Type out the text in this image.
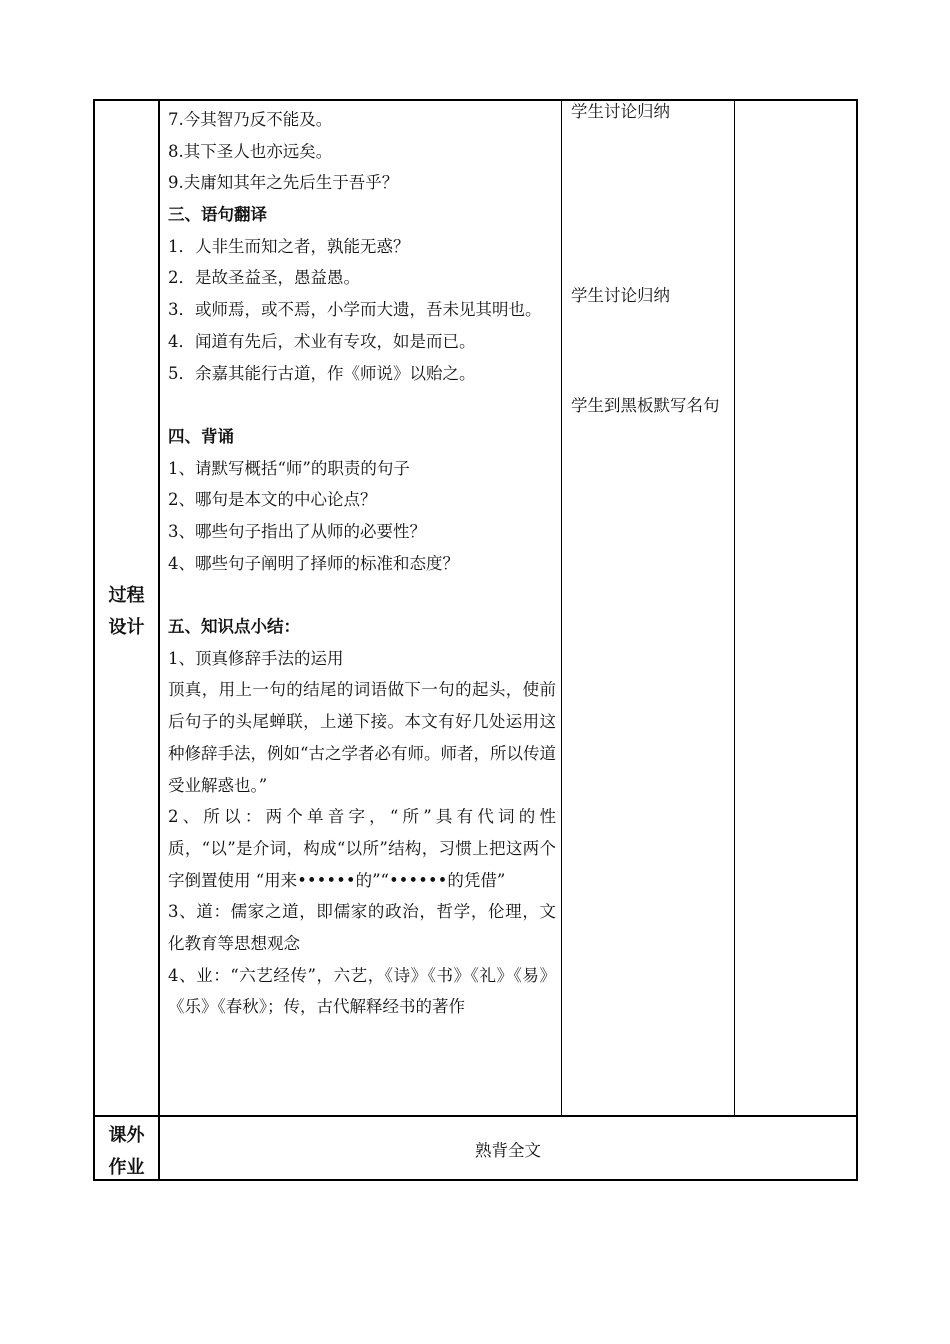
过程
设计
课外
作业
7.今其智乃反不能及。
8.其下圣人也亦远矣。
9.夫庸知其年之先后生于吾乎？
三、语句翻译
1．人非生而知之者，孰能无惑？
2．是故圣益圣，愚益愚。
3．或师焉，或不焉，小学而大遗，吾未见其明也。
4．闻道有先后，术业有专攻，如是而已。
5．余嘉其能行古道，作《师说》以贻之。
四、背诵
1、请默写概括“师”的职责的句子
2、哪句是本文的中心论点？
3、哪些句子指出了从师的必要性？
4、哪些句子阐明了择师的标准和态度？
五、知识点小结：
1、顶真修辞手法的运用
顶真，用上一句的结尾的词语做下一句的起头，使前后句子的头尾蝉联，上递下接。本文有好几处运用这种修辞手法，例如“古之学者必有师。师者，所以传道受业解惑也。”
2、所以：两个单音字，“所”具有代词的性质，“以”是介词，构成“以所”结构，习惯上把这两个字倒置使用 “用来••••••的”“••••••的凭借”
3、道：儒家之道，即儒家的政治，哲学，伦理，文化教育等思想观念
4、业：“六艺经传”，六艺，《诗》《书》《礼》《易》《乐》《春秋》；传，古代解释经书的著作
学生讨论归纳
学生讨论归纳
学生到黑板默写名句
熟背全文
